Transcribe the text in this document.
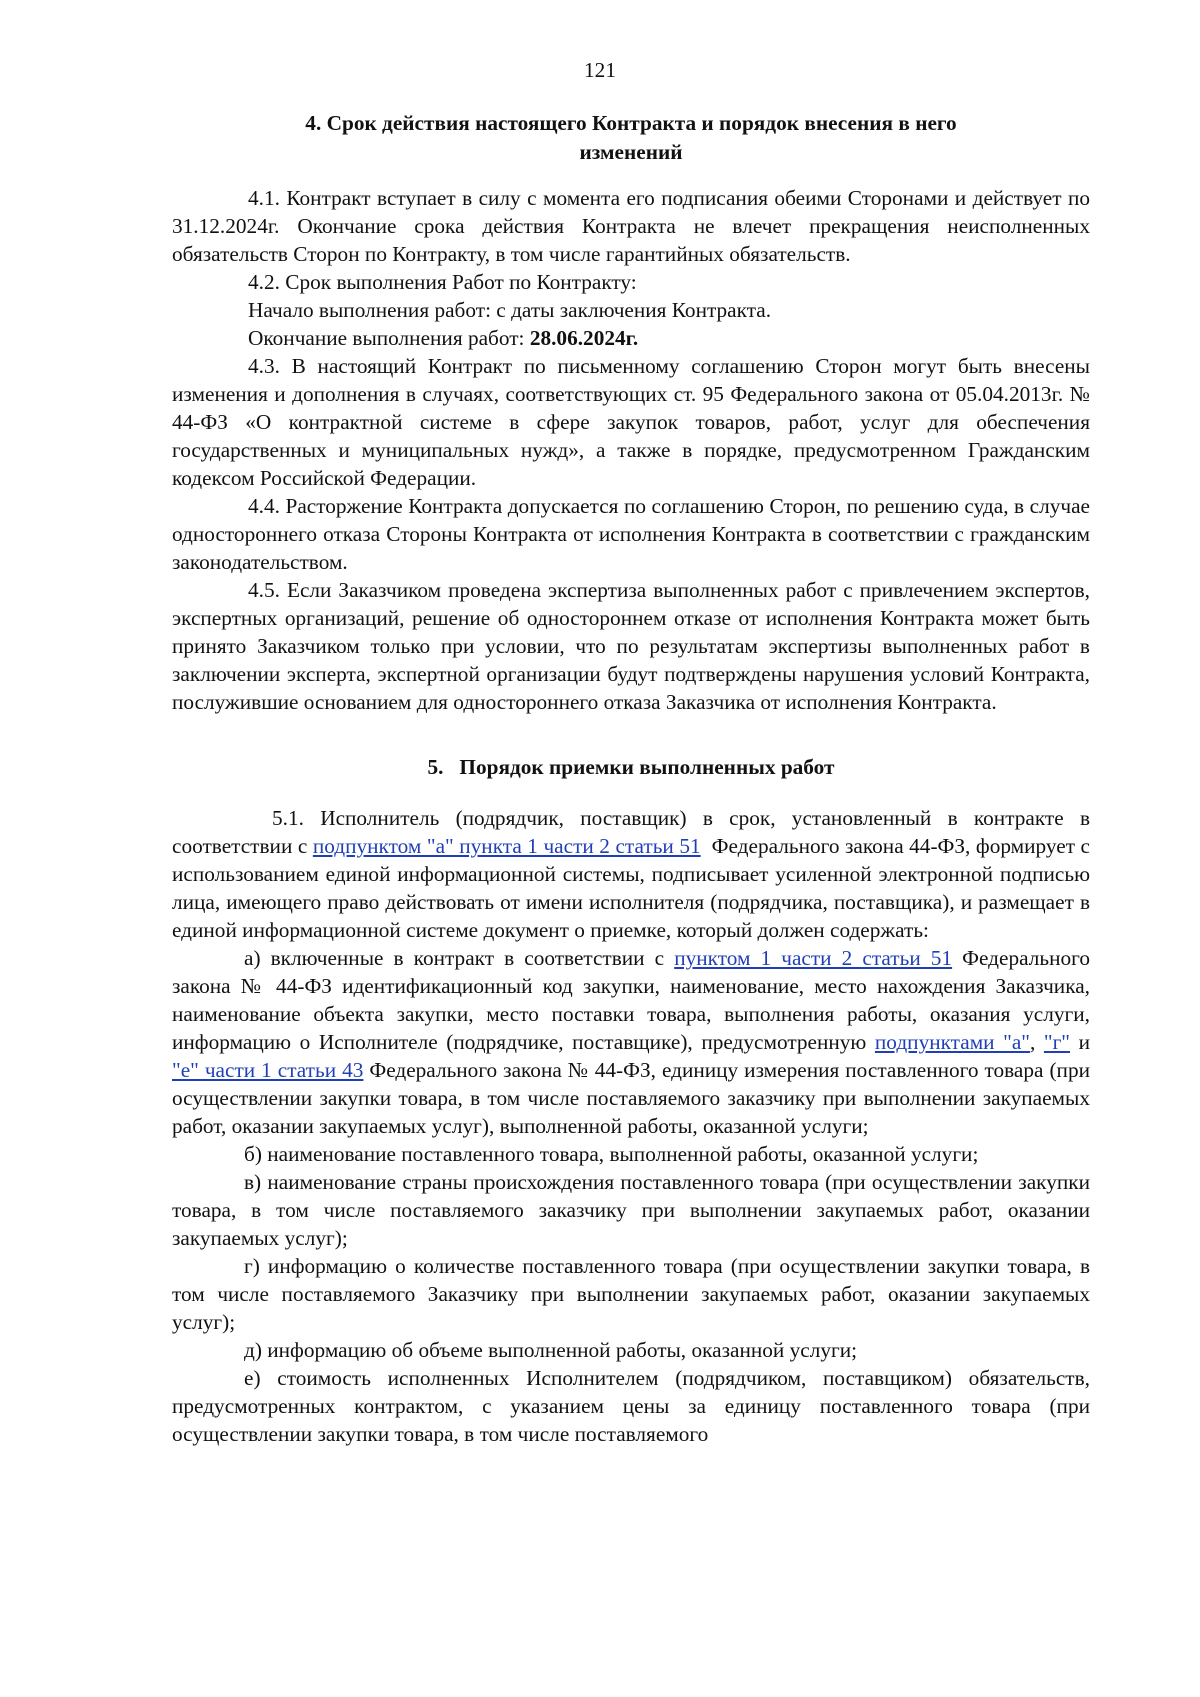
121
4. Срок действия настоящего Контракта и порядок внесения в него
изменений

4.1. Контракт вступает в силу с момента его подписания обеими Сторонами и действует по 31.12.2024г. Окончание срока действия Контракта не влечет прекращения неисполненных обязательств Сторон по Контракту, в том числе гарантийных обязательств.

4.2. Срок выполнения Работ по Контракту:

Начало выполнения работ: с даты заключения Контракта.

Окончание выполнения работ: 28.06.2024г.

4.3. В настоящий Контракт по письменному соглашению Сторон могут быть внесены изменения и дополнения в случаях, соответствующих ст. 95 Федерального закона от 05.04.2013г. № 44-ФЗ «О контрактной системе в сфере закупок товаров, работ, услуг для обеспечения государственных и муниципальных нужд», а также в порядке, предусмотренном Гражданским кодексом Российской Федерации.

4.4. Расторжение Контракта допускается по соглашению Сторон, по решению суда, в случае одностороннего отказа Стороны Контракта от исполнения Контракта в соответствии с гражданским законодательством.

4.5. Если Заказчиком проведена экспертиза выполненных работ с привлечением экспертов, экспертных организаций, решение об одностороннем отказе от исполнения Контракта может быть принято Заказчиком только при условии, что по результатам экспертизы выполненных работ в заключении эксперта, экспертной организации будут подтверждены нарушения условий Контракта, послужившие основанием для одностороннего отказа Заказчика от исполнения Контракта.

5.   Порядок приемки выполненных работ

5.1. Исполнитель (подрядчик, поставщик) в срок, установленный в контракте в соответствии с подпунктом "а" пункта 1 части 2 статьи 51  Федерального закона 44-ФЗ, формирует с использованием единой информационной системы, подписывает усиленной электронной подписью лица, имеющего право действовать от имени исполнителя (подрядчика, поставщика), и размещает в единой информационной системе документ о приемке, который должен содержать:

а) включенные в контракт в соответствии с пунктом 1 части 2 статьи 51 Федерального закона № 44-ФЗ идентификационный код закупки, наименование, место нахождения Заказчика, наименование объекта закупки, место поставки товара, выполнения работы, оказания услуги, информацию о Исполнителе (подрядчике, поставщике), предусмотренную подпунктами "а", "г" и "е" части 1 статьи 43 Федерального закона № 44-ФЗ, единицу измерения поставленного товара (при осуществлении закупки товара, в том числе поставляемого заказчику при выполнении закупаемых работ, оказании закупаемых услуг), выполненной работы, оказанной услуги;

б) наименование поставленного товара, выполненной работы, оказанной услуги;

в) наименование страны происхождения поставленного товара (при осуществлении закупки товара, в том числе поставляемого заказчику при выполнении закупаемых работ, оказании закупаемых услуг);

г) информацию о количестве поставленного товара (при осуществлении закупки товара, в том числе поставляемого Заказчику при выполнении закупаемых работ, оказании закупаемых услуг);

д) информацию об объеме выполненной работы, оказанной услуги;

е) стоимость исполненных Исполнителем (подрядчиком, поставщиком) обязательств, предусмотренных контрактом, с указанием цены за единицу поставленного товара (при осуществлении закупки товара, в том числе поставляемого
